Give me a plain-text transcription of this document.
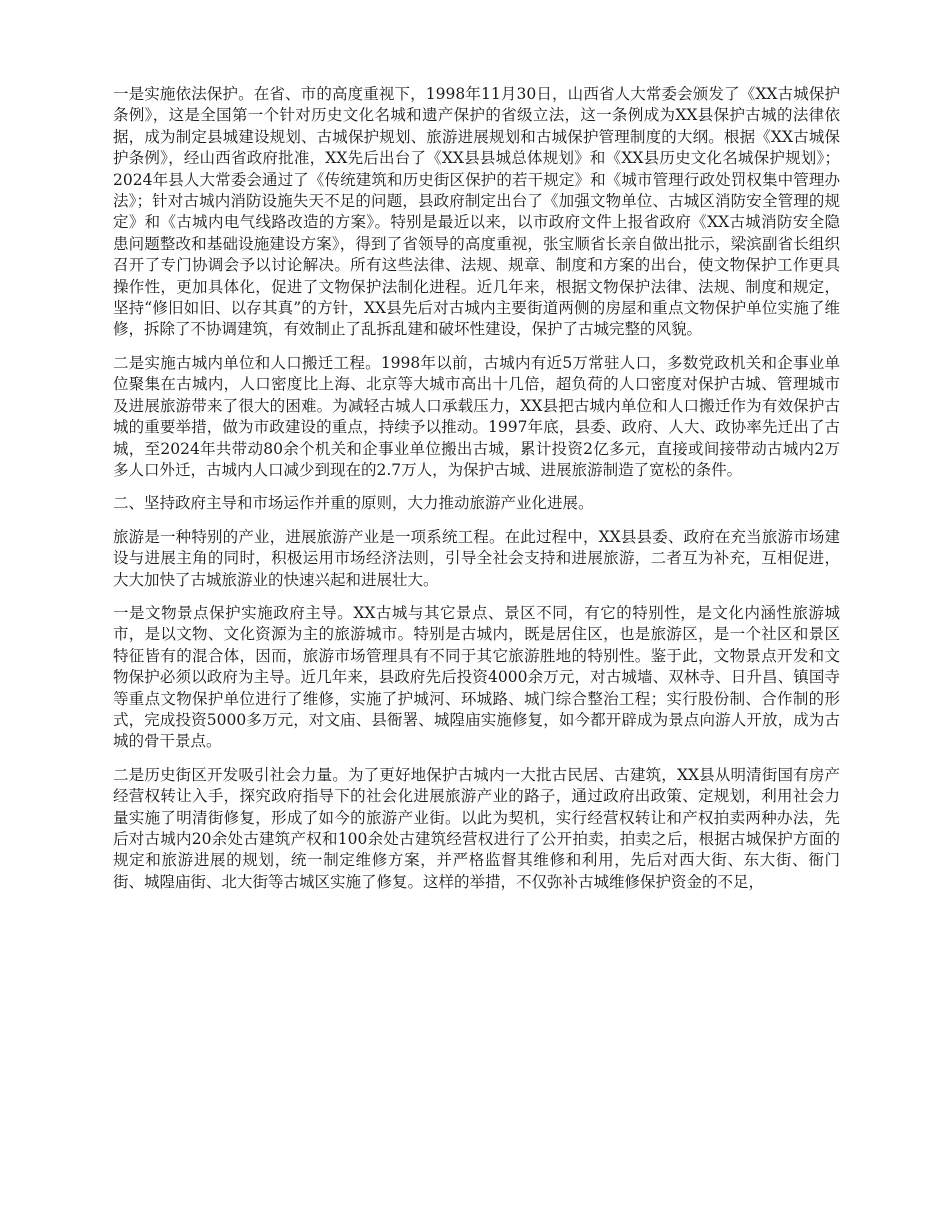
一是实施依法保护。在省、市的高度重视下，1998年11月30日，山西省人大常委会颁发了《XX古城保护条例》，这是全国第一个针对历史文化名城和遗产保护的省级立法，这一条例成为XX县保护古城的法律依据，成为制定县城建设规划、古城保护规划、旅游进展规划和古城保护管理制度的大纲。根据《XX古城保护条例》，经山西省政府批准，XX先后出台了《XX县县城总体规划》和《XX县历史文化名城保护规划》；2024年县人大常委会通过了《传统建筑和历史街区保护的若干规定》和《城市管理行政处罚权集中管理办法》；针对古城内消防设施失天不足的问题，县政府制定出台了《加强文物单位、古城区消防安全管理的规定》和《古城内电气线路改造的方案》。特别是最近以来，以市政府文件上报省政府《XX古城消防安全隐患问题整改和基础设施建设方案》，得到了省领导的高度重视，张宝顺省长亲自做出批示，梁滨副省长组织召开了专门协调会予以讨论解决。所有这些法律、法规、规章、制度和方案的出台，使文物保护工作更具操作性，更加具体化，促进了文物保护法制化进程。近几年来，根据文物保护法律、法规、制度和规定，坚持“修旧如旧、以存其真”的方针，XX县先后对古城内主要街道两侧的房屋和重点文物保护单位实施了维修，拆除了不协调建筑，有效制止了乱拆乱建和破坏性建设，保护了古城完整的风貌。

二是实施古城内单位和人口搬迁工程。1998年以前，古城内有近5万常驻人口，多数党政机关和企事业单位聚集在古城内，人口密度比上海、北京等大城市高出十几倍，超负荷的人口密度对保护古城、管理城市及进展旅游带来了很大的困难。为减轻古城人口承载压力，XX县把古城内单位和人口搬迁作为有效保护古城的重要举措，做为市政建设的重点，持续予以推动。1997年底，县委、政府、人大、政协率先迁出了古城，至2024年共带动80余个机关和企事业单位搬出古城，累计投资2亿多元，直接或间接带动古城内2万多人口外迁，古城内人口减少到现在的2.7万人，为保护古城、进展旅游制造了宽松的条件。

二、坚持政府主导和市场运作并重的原则，大力推动旅游产业化进展。

旅游是一种特别的产业，进展旅游产业是一项系统工程。在此过程中，XX县县委、政府在充当旅游市场建设与进展主角的同时，积极运用市场经济法则，引导全社会支持和进展旅游，二者互为补充，互相促进，大大加快了古城旅游业的快速兴起和进展壮大。

一是文物景点保护实施政府主导。XX古城与其它景点、景区不同，有它的特别性，是文化内涵性旅游城市，是以文物、文化资源为主的旅游城市。特别是古城内，既是居住区，也是旅游区，是一个社区和景区特征皆有的混合体，因而，旅游市场管理具有不同于其它旅游胜地的特别性。鉴于此，文物景点开发和文物保护必须以政府为主导。近几年来，县政府先后投资4000余万元，对古城墙、双林寺、日升昌、镇国寺等重点文物保护单位进行了维修，实施了护城河、环城路、城门综合整治工程；实行股份制、合作制的形式，完成投资5000多万元，对文庙、县衙署、城隍庙实施修复，如今都开辟成为景点向游人开放，成为古城的骨干景点。

二是历史街区开发吸引社会力量。为了更好地保护古城内一大批古民居、古建筑，XX县从明清街国有房产经营权转让入手，探究政府指导下的社会化进展旅游产业的路子，通过政府出政策、定规划，利用社会力量实施了明清街修复，形成了如今的旅游产业街。以此为契机，实行经营权转让和产权拍卖两种办法，先后对古城内20余处古建筑产权和100余处古建筑经营权进行了公开拍卖，拍卖之后，根据古城保护方面的规定和旅游进展的规划，统一制定维修方案，并严格监督其维修和利用，先后对西大街、东大街、衙门街、城隍庙街、北大街等古城区实施了修复。这样的举措，不仅弥补古城维修保护资金的不足，
